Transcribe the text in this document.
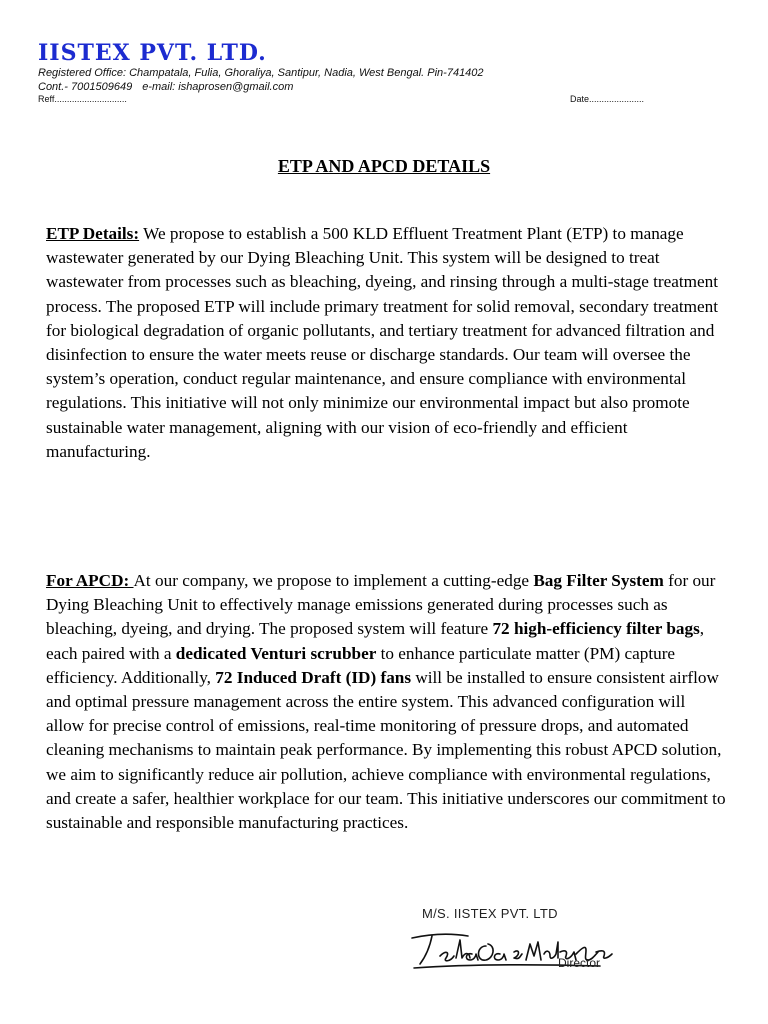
IISTEX PVT. LTD.
Registered Office: Champatala, Fulia, Ghoraliya, Santipur, Nadia, West Bengal. Pin-741402
Cont.- 7001509649 e-mail: ishaprosen@gmail.com
Reff.............................	Date......................
ETP AND APCD DETAILS
ETP Details: We propose to establish a 500 KLD Effluent Treatment Plant (ETP) to manage wastewater generated by our Dying Bleaching Unit. This system will be designed to treat wastewater from processes such as bleaching, dyeing, and rinsing through a multi-stage treatment process. The proposed ETP will include primary treatment for solid removal, secondary treatment for biological degradation of organic pollutants, and tertiary treatment for advanced filtration and disinfection to ensure the water meets reuse or discharge standards. Our team will oversee the system’s operation, conduct regular maintenance, and ensure compliance with environmental regulations. This initiative will not only minimize our environmental impact but also promote sustainable water management, aligning with our vision of eco-friendly and efficient manufacturing.
For APCD: At our company, we propose to implement a cutting-edge Bag Filter System for our Dying Bleaching Unit to effectively manage emissions generated during processes such as bleaching, dyeing, and drying. The proposed system will feature 72 high-efficiency filter bags, each paired with a dedicated Venturi scrubber to enhance particulate matter (PM) capture efficiency. Additionally, 72 Induced Draft (ID) fans will be installed to ensure consistent airflow and optimal pressure management across the entire system. This advanced configuration will allow for precise control of emissions, real-time monitoring of pressure drops, and automated cleaning mechanisms to maintain peak performance. By implementing this robust APCD solution, we aim to significantly reduce air pollution, achieve compliance with environmental regulations, and create a safer, healthier workplace for our team. This initiative underscores our commitment to sustainable and responsible manufacturing practices.
M/S. IISTEX PVT. LTD
Director
